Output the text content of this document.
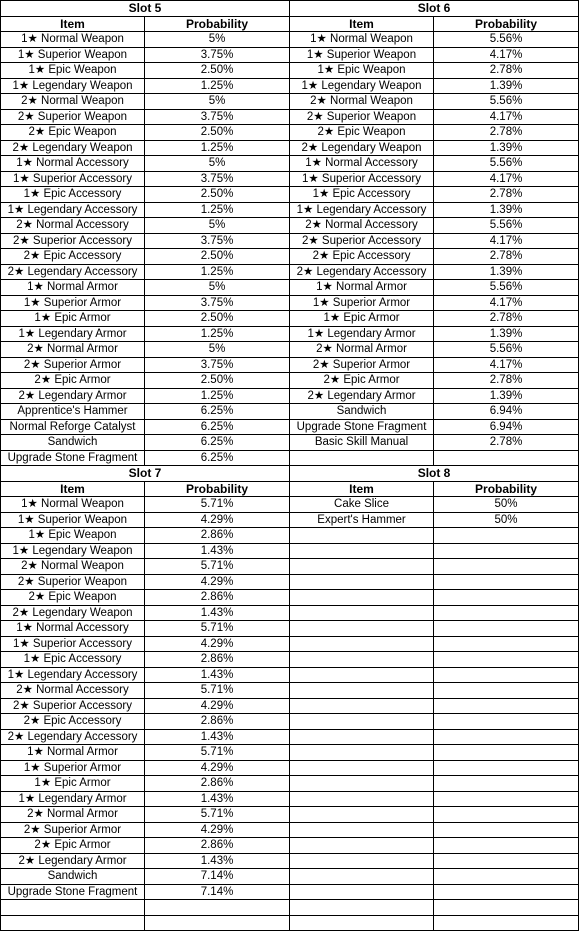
Slot 5		Slot 6	
Item	Probability	Item	Probability
1★ Normal Weapon	5%	1★ Normal Weapon	5.56%
1★ Superior Weapon	3.75%	1★ Superior Weapon	4.17%
1★ Epic Weapon	2.50%	1★ Epic Weapon	2.78%
1★ Legendary Weapon	1.25%	1★ Legendary Weapon	1.39%
2★ Normal Weapon	5%	2★ Normal Weapon	5.56%
2★ Superior Weapon	3.75%	2★ Superior Weapon	4.17%
2★ Epic Weapon	2.50%	2★ Epic Weapon	2.78%
2★ Legendary Weapon	1.25%	2★ Legendary Weapon	1.39%
1★ Normal Accessory	5%	1★ Normal Accessory	5.56%
1★ Superior Accessory	3.75%	1★ Superior Accessory	4.17%
1★ Epic Accessory	2.50%	1★ Epic Accessory	2.78%
1★ Legendary Accessory	1.25%	1★ Legendary Accessory	1.39%
2★ Normal Accessory	5%	2★ Normal Accessory	5.56%
2★ Superior Accessory	3.75%	2★ Superior Accessory	4.17%
2★ Epic Accessory	2.50%	2★ Epic Accessory	2.78%
2★ Legendary Accessory	1.25%	2★ Legendary Accessory	1.39%
1★ Normal Armor	5%	1★ Normal Armor	5.56%
1★ Superior Armor	3.75%	1★ Superior Armor	4.17%
1★ Epic Armor	2.50%	1★ Epic Armor	2.78%
1★ Legendary Armor	1.25%	1★ Legendary Armor	1.39%
2★ Normal Armor	5%	2★ Normal Armor	5.56%
2★ Superior Armor	3.75%	2★ Superior Armor	4.17%
2★ Epic Armor	2.50%	2★ Epic Armor	2.78%
2★ Legendary Armor	1.25%	2★ Legendary Armor	1.39%
Apprentice's Hammer	6.25%	Sandwich	6.94%
Normal Reforge Catalyst	6.25%	Upgrade Stone Fragment	6.94%
Sandwich	6.25%	Basic Skill Manual	2.78%
Upgrade Stone Fragment	6.25%		
Slot 7		Slot 8	
Item	Probability	Item	Probability
1★ Normal Weapon	5.71%	Cake Slice	50%
1★ Superior Weapon	4.29%	Expert's Hammer	50%
1★ Epic Weapon	2.86%		
1★ Legendary Weapon	1.43%		
2★ Normal Weapon	5.71%		
2★ Superior Weapon	4.29%		
2★ Epic Weapon	2.86%		
2★ Legendary Weapon	1.43%		
1★ Normal Accessory	5.71%		
1★ Superior Accessory	4.29%		
1★ Epic Accessory	2.86%		
1★ Legendary Accessory	1.43%		
2★ Normal Accessory	5.71%		
2★ Superior Accessory	4.29%		
2★ Epic Accessory	2.86%		
2★ Legendary Accessory	1.43%		
1★ Normal Armor	5.71%		
1★ Superior Armor	4.29%		
1★ Epic Armor	2.86%		
1★ Legendary Armor	1.43%		
2★ Normal Armor	5.71%		
2★ Superior Armor	4.29%		
2★ Epic Armor	2.86%		
2★ Legendary Armor	1.43%		
Sandwich	7.14%		
Upgrade Stone Fragment	7.14%		
